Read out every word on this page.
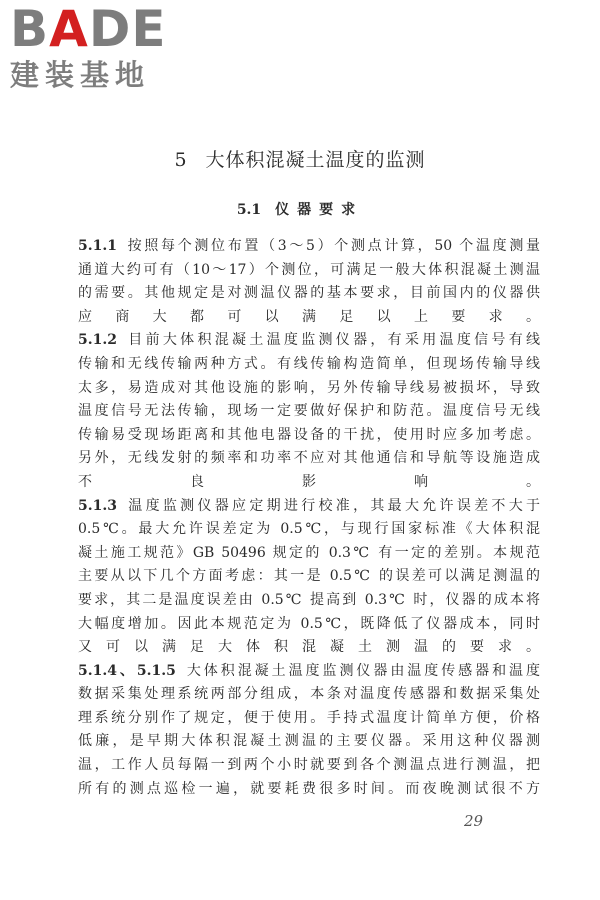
BADE
建装基地
5 大体积混凝土温度的监测
5.1 仪器要求
5.1.1 按照每个测位布置（3～5）个测点计算，50 个温度测量
通道大约可有（10～17）个测位，可满足一般大体积混凝土测温
的需要。其他规定是对测温仪器的基本要求，目前国内的仪器供
应商大都可以满足以上要求。
5.1.2 目前大体积混凝土温度监测仪器，有采用温度信号有线
传输和无线传输两种方式。有线传输构造简单，但现场传输导线
太多，易造成对其他设施的影响，另外传输导线易被损坏，导致
温度信号无法传输，现场一定要做好保护和防范。温度信号无线
传输易受现场距离和其他电器设备的干扰，使用时应多加考虑。
另外，无线发射的频率和功率不应对其他通信和导航等设施造成
不良影响。
5.1.3 温度监测仪器应定期进行校准，其最大允许误差不大于
0.5℃。最大允许误差定为 0.5℃，与现行国家标准《大体积混
凝土施工规范》GB 50496 规定的 0.3℃ 有一定的差别。本规范
主要从以下几个方面考虑：其一是 0.5℃ 的误差可以满足测温的
要求，其二是温度误差由 0.5℃ 提高到 0.3℃ 时，仪器的成本将
大幅度增加。因此本规范定为 0.5℃，既降低了仪器成本，同时
又可以满足大体积混凝土测温的要求。
5.1.4、5.1.5 大体积混凝土温度监测仪器由温度传感器和温度
数据采集处理系统两部分组成，本条对温度传感器和数据采集处
理系统分别作了规定，便于使用。手持式温度计简单方便，价格
低廉，是早期大体积混凝土测温的主要仪器。采用这种仪器测
温，工作人员每隔一到两个小时就要到各个测温点进行测温，把
所有的测点巡检一遍，就要耗费很多时间。而夜晚测试很不方
29
